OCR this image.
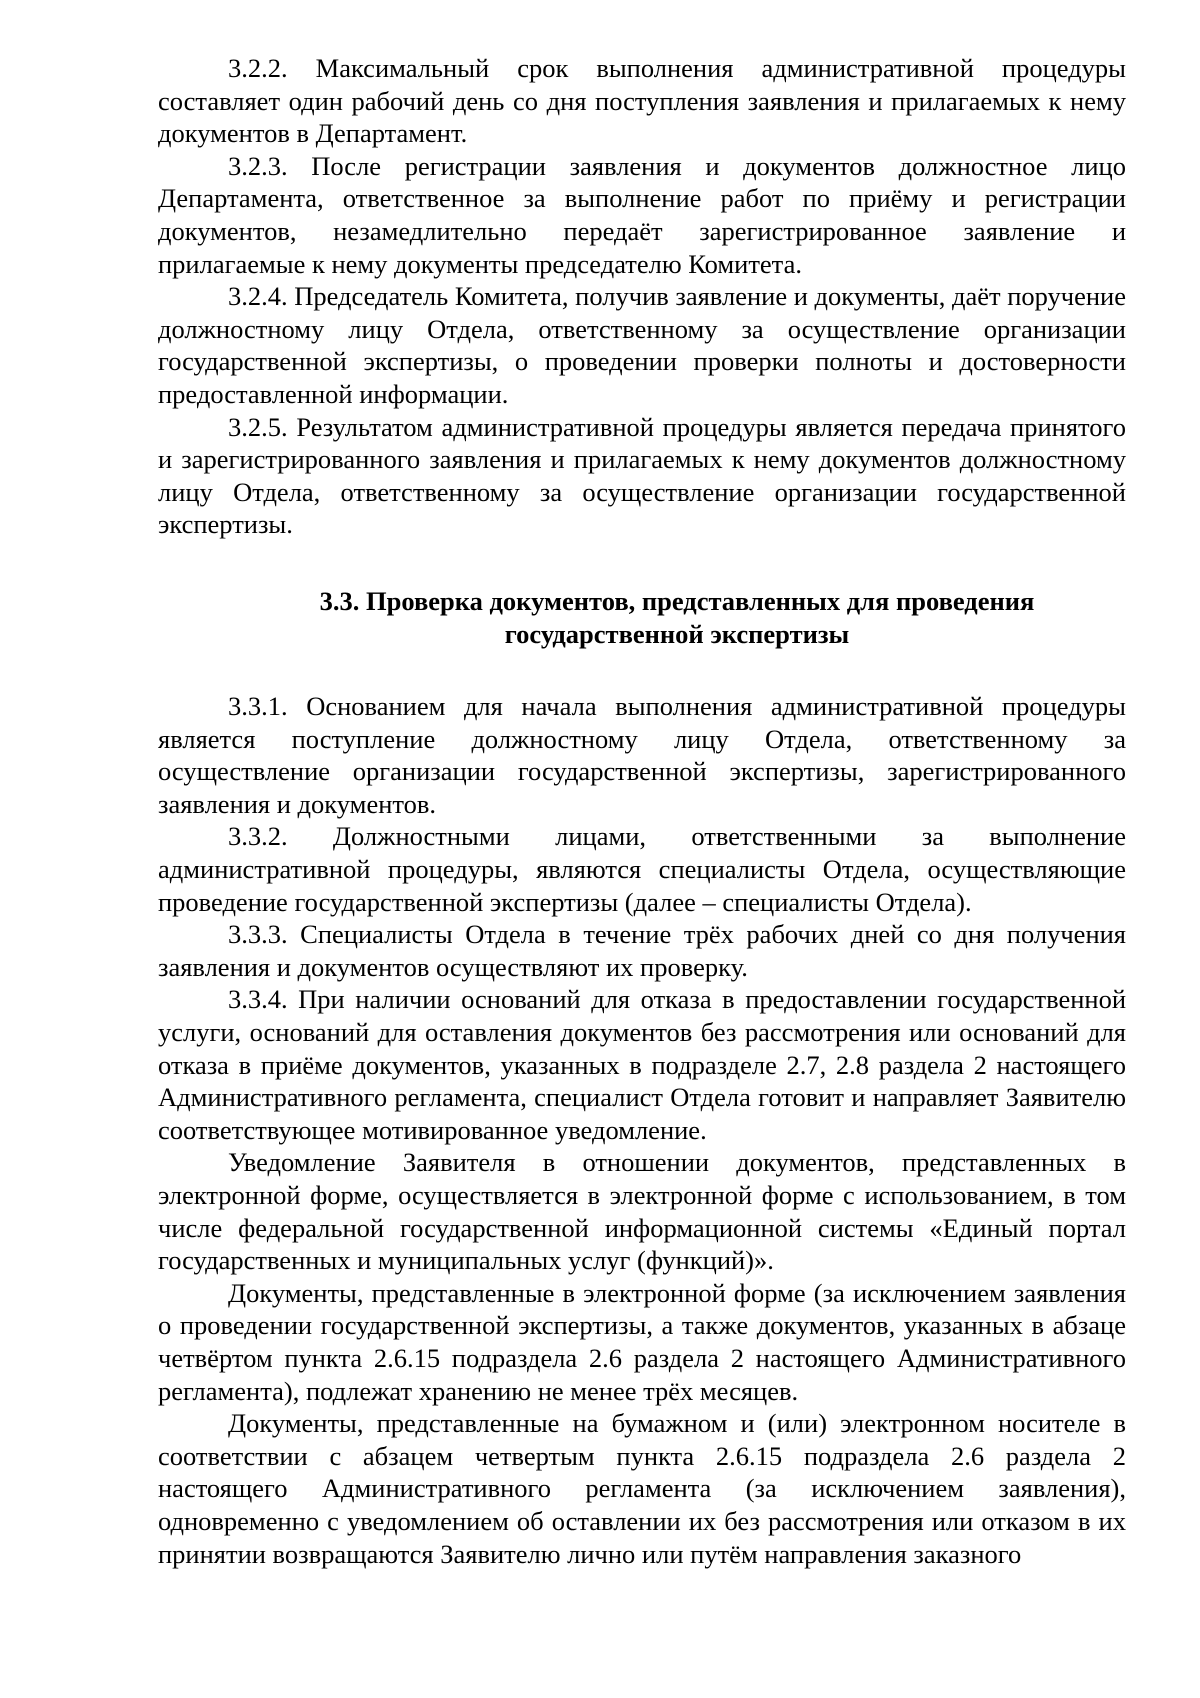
3.2.2. Максимальный срок выполнения административной процедуры составляет один рабочий день со дня поступления заявления и прилагаемых к нему документов в Департамент.

3.2.3. После регистрации заявления и документов должностное лицо Департамента, ответственное за выполнение работ по приёму и регистрации документов, незамедлительно передаёт зарегистрированное заявление и прилагаемые к нему документы председателю Комитета.

3.2.4. Председатель Комитета, получив заявление и документы, даёт поручение должностному лицу Отдела, ответственному за осуществление организации государственной экспертизы, о проведении проверки полноты и достоверности предоставленной информации.

3.2.5. Результатом административной процедуры является передача принятого и зарегистрированного заявления и прилагаемых к нему документов должностному лицу Отдела, ответственному за осуществление организации государственной экспертизы.

3.3. Проверка документов, представленных для проведения
государственной экспертизы

3.3.1. Основанием для начала выполнения административной процедуры является поступление должностному лицу Отдела, ответственному за осуществление организации государственной экспертизы, зарегистрированного заявления и документов.

3.3.2. Должностными лицами, ответственными за выполнение административной процедуры, являются специалисты Отдела, осуществляющие проведение государственной экспертизы (далее – специалисты Отдела).

3.3.3. Специалисты Отдела в течение трёх рабочих дней со дня получения заявления и документов осуществляют их проверку.

3.3.4. При наличии оснований для отказа в предоставлении государственной услуги, оснований для оставления документов без рассмотрения или оснований для отказа в приёме документов, указанных в подразделе 2.7, 2.8 раздела 2 настоящего Административного регламента, специалист Отдела готовит и направляет Заявителю соответствующее мотивированное уведомление.

Уведомление Заявителя в отношении документов, представленных в электронной форме, осуществляется в электронной форме с использованием, в том числе федеральной государственной информационной системы «Единый портал государственных и муниципальных услуг (функций)».

Документы, представленные в электронной форме (за исключением заявления о проведении государственной экспертизы, а также документов, указанных в абзаце четвёртом пункта 2.6.15 подраздела 2.6 раздела 2 настоящего Административного регламента), подлежат хранению не менее трёх месяцев.

Документы, представленные на бумажном и (или) электронном носителе в соответствии с абзацем четвертым пункта 2.6.15 подраздела 2.6 раздела 2 настоящего Административного регламента (за исключением заявления), одновременно с уведомлением об оставлении их без рассмотрения или отказом в их принятии возвращаются Заявителю лично или путём направления заказного
